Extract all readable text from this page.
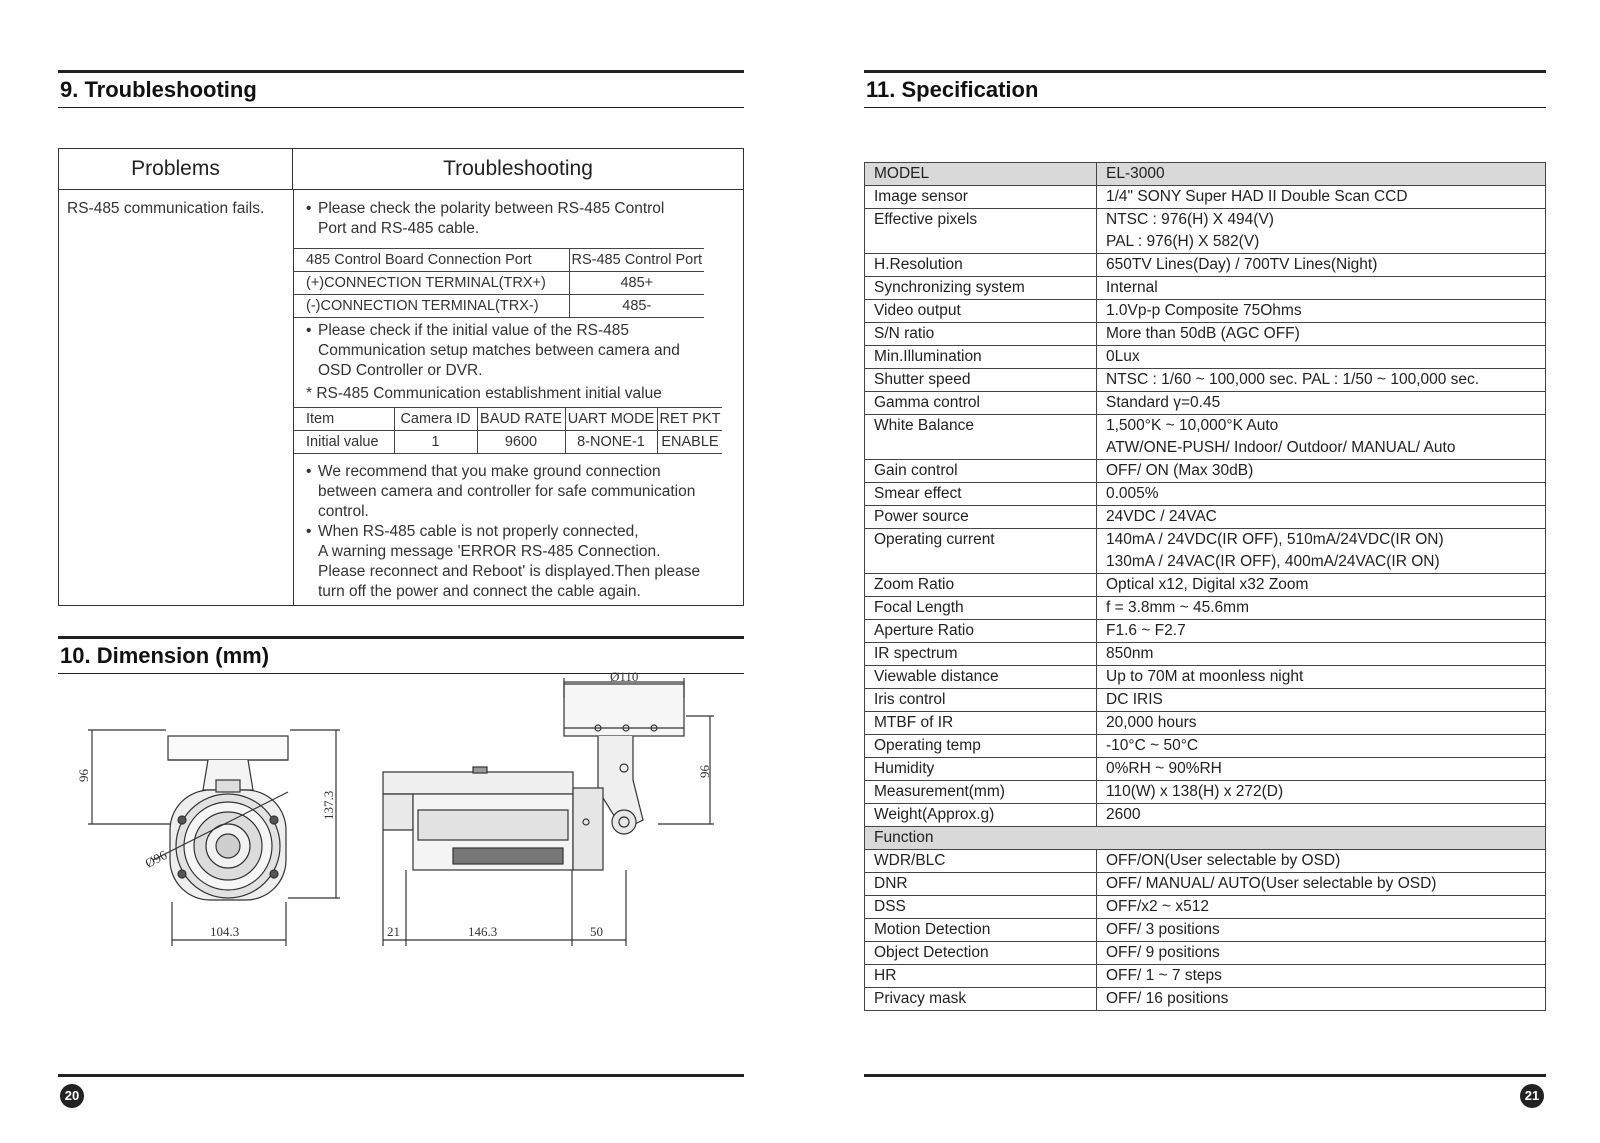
9. Troubleshooting
Problems	Troubleshooting
RS-485 communication fails.	• Please check the polarity between RS-485 Control
Port and RS-485 cable.
485 Control Board Connection Port	RS-485 Control Port
(+)CONNECTION TERMINAL(TRX+)	485+
(-)CONNECTION TERMINAL(TRX-)	485-
• Please check if the initial value of the RS-485
Communication setup matches between camera and
OSD Controller or DVR.
* RS-485 Communication establishment initial value
Item	Camera ID	BAUD RATE	UART MODE	RET PKT
Initial value	1	9600	8-NONE-1	ENABLE
• We recommend that you make ground connection
between camera and controller for safe communication
control.
• When RS-485 cable is not properly connected,
A warning message 'ERROR RS-485 Connection.
Please reconnect and Reboot' is displayed.Then please
turn off the power and connect the cable again.
10. Dimension (mm)
96
137.3
Ø96
104.3
Ø110
96
21	146.3	50
20
11. Specification
MODEL	EL-3000

Image sensor	1/4" SONY Super HAD II Double Scan CCD

Effective pixels	NTSC : 976(H) X 494(V)
PAL : 976(H) X 582(V)

H.Resolution	650TV Lines(Day) / 700TV Lines(Night)

Synchronizing system	Internal

Video output	1.0Vp-p Composite 75Ohms

S/N ratio	More than 50dB (AGC OFF)

Min.Illumination	0Lux

Shutter speed	NTSC : 1/60 ~ 100,000 sec. PAL : 1/50 ~ 100,000 sec.

Gamma control	Standard γ=0.45

White Balance	1,500°K ~ 10,000°K Auto
ATW/ONE-PUSH/ Indoor/ Outdoor/ MANUAL/ Auto

Gain control	OFF/ ON (Max 30dB)

Smear effect	0.005%

Power source	24VDC / 24VAC

Operating current	140mA / 24VDC(IR OFF), 510mA/24VDC(IR ON)
130mA / 24VAC(IR OFF), 400mA/24VAC(IR ON)

Zoom Ratio	Optical x12, Digital x32 Zoom

Focal Length	f = 3.8mm ~ 45.6mm

Aperture Ratio	F1.6 ~ F2.7

IR spectrum	850nm

Viewable distance	Up to 70M at moonless night

Iris control	DC IRIS

MTBF of IR	20,000 hours

Operating temp	-10°C ~ 50°C

Humidity	0%RH ~ 90%RH

Measurement(mm)	110(W) x 138(H) x 272(D)

Weight(Approx.g)	2600

Function	
WDR/BLC	OFF/ON(User selectable by OSD)

DNR	OFF/ MANUAL/ AUTO(User selectable by OSD)

DSS	OFF/x2 ~ x512

Motion Detection	OFF/ 3 positions

Object Detection	OFF/ 9 positions

HR	OFF/ 1 ~ 7 steps

Privacy mask	OFF/ 16 positions
21
